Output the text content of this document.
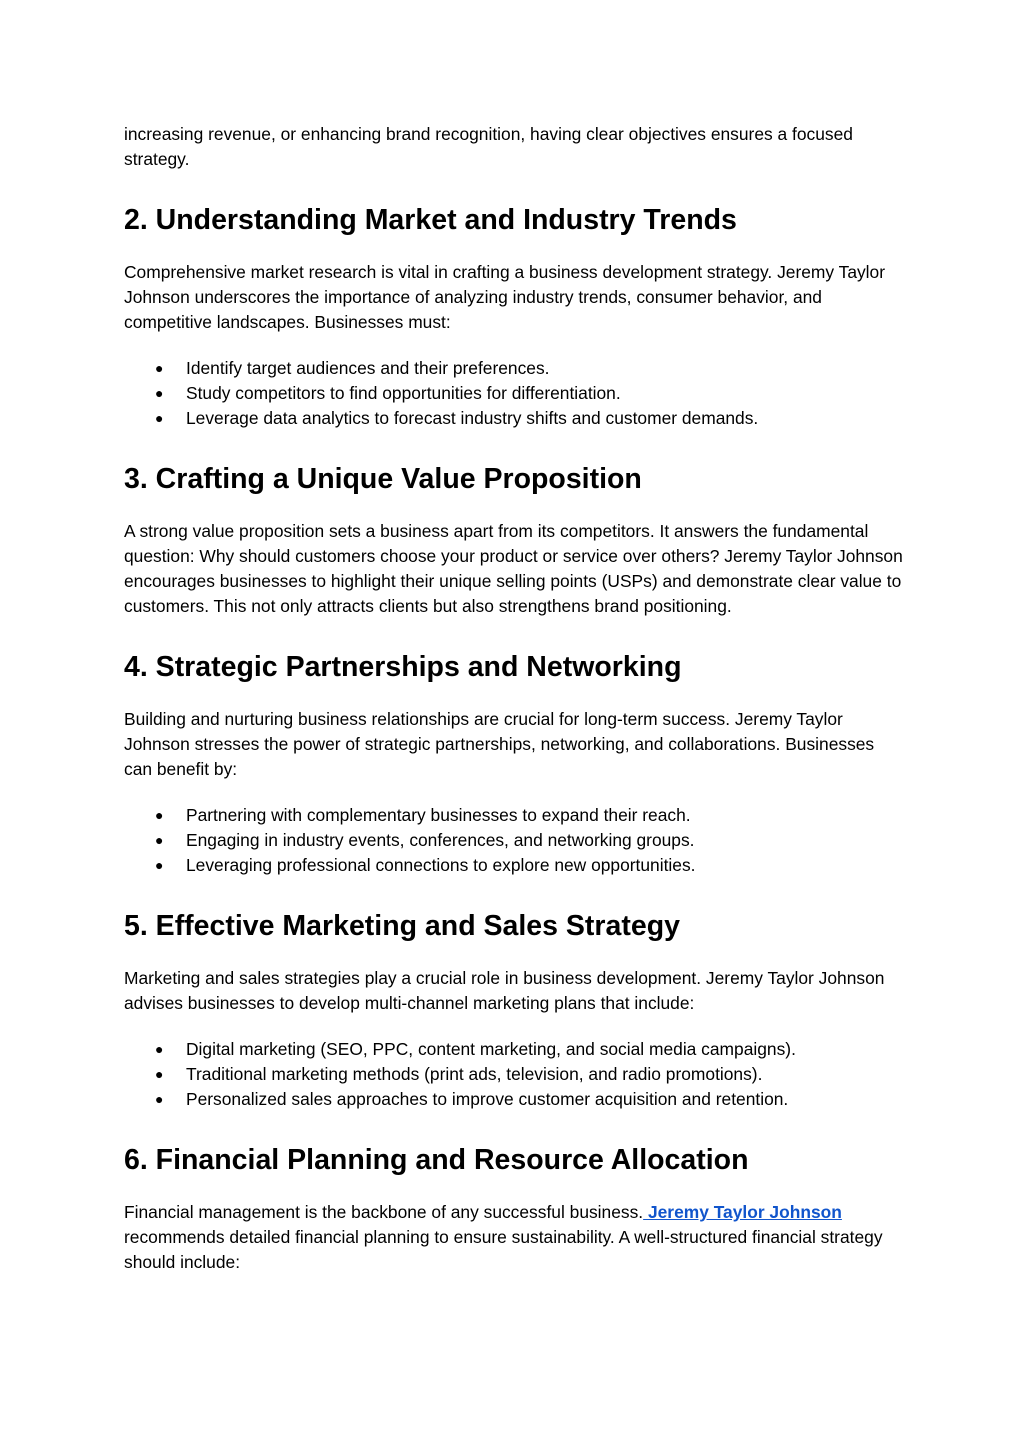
increasing revenue, or enhancing brand recognition, having clear objectives ensures a focused strategy.

2. Understanding Market and Industry Trends

Comprehensive market research is vital in crafting a business development strategy. Jeremy Taylor Johnson underscores the importance of analyzing industry trends, consumer behavior, and competitive landscapes. Businesses must:

● Identify target audiences and their preferences.
● Study competitors to find opportunities for differentiation.
● Leverage data analytics to forecast industry shifts and customer demands.
3. Crafting a Unique Value Proposition

A strong value proposition sets a business apart from its competitors. It answers the fundamental question: Why should customers choose your product or service over others? Jeremy Taylor Johnson encourages businesses to highlight their unique selling points (USPs) and demonstrate clear value to customers. This not only attracts clients but also strengthens brand positioning.

4. Strategic Partnerships and Networking

Building and nurturing business relationships are crucial for long-term success. Jeremy Taylor Johnson stresses the power of strategic partnerships, networking, and collaborations. Businesses can benefit by:

● Partnering with complementary businesses to expand their reach.
● Engaging in industry events, conferences, and networking groups.
● Leveraging professional connections to explore new opportunities.
5. Effective Marketing and Sales Strategy

Marketing and sales strategies play a crucial role in business development. Jeremy Taylor Johnson advises businesses to develop multi-channel marketing plans that include:

● Digital marketing (SEO, PPC, content marketing, and social media campaigns).
● Traditional marketing methods (print ads, television, and radio promotions).
● Personalized sales approaches to improve customer acquisition and retention.
6. Financial Planning and Resource Allocation

Financial management is the backbone of any successful business. Jeremy Taylor Johnson recommends detailed financial planning to ensure sustainability. A well-structured financial strategy should include:
